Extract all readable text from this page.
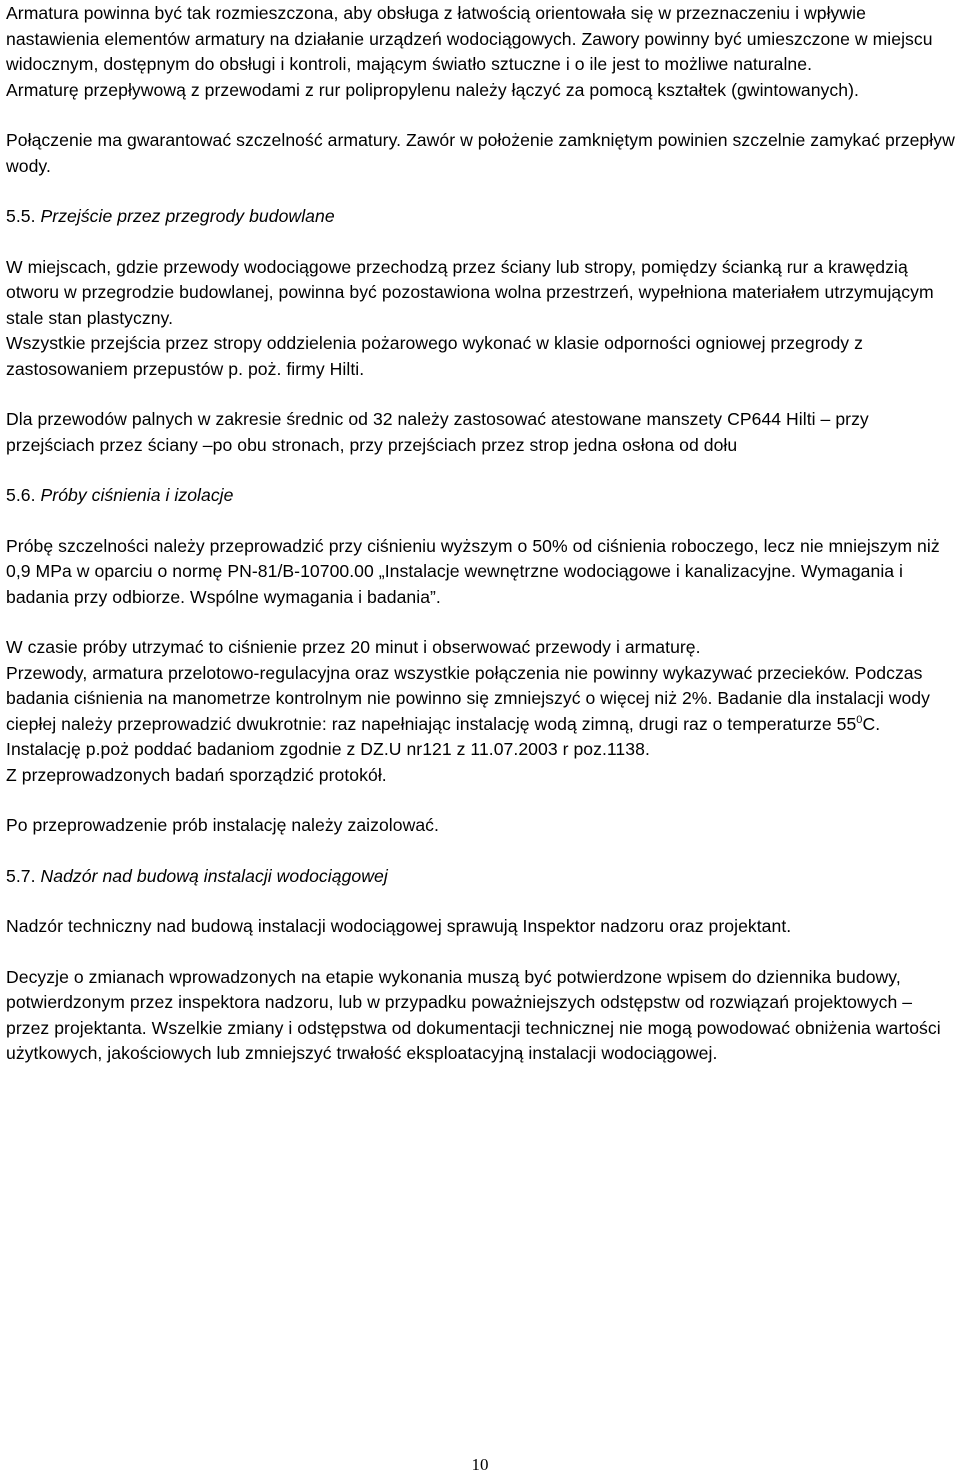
Armatura powinna być tak rozmieszczona, aby obsługa z łatwością orientowała się w przeznaczeniu i wpływie nastawienia elementów armatury na działanie urządzeń wodociągowych. Zawory powinny być umieszczone w miejscu widocznym, dostępnym do obsługi i kontroli, mającym światło sztuczne i o ile jest to możliwe naturalne.

Armaturę przepływową z przewodami z rur polipropylenu należy łączyć za pomocą kształtek (gwintowanych).

Połączenie ma gwarantować szczelność armatury. Zawór w położenie zamkniętym powinien szczelnie zamykać przepływ wody.

5.5. Przejście przez przegrody budowlane

W miejscach, gdzie przewody wodociągowe przechodzą przez ściany lub stropy, pomiędzy ścianką rur a krawędzią otworu w przegrodzie budowlanej, powinna być pozostawiona wolna przestrzeń, wypełniona materiałem utrzymującym stale stan plastyczny.

Wszystkie przejścia przez stropy oddzielenia pożarowego wykonać w klasie odporności ogniowej przegrody z zastosowaniem przepustów p. poż. firmy Hilti.

Dla przewodów palnych w zakresie średnic od 32 należy zastosować atestowane manszety CP644 Hilti – przy przejściach przez ściany –po obu stronach, przy przejściach przez strop jedna osłona od dołu

5.6. Próby ciśnienia i izolacje

Próbę szczelności należy przeprowadzić przy ciśnieniu wyższym o 50% od ciśnienia roboczego, lecz nie mniejszym niż 0,9 MPa w oparciu o normę PN-81/B-10700.00 „Instalacje wewnętrzne wodociągowe i kanalizacyjne. Wymagania i badania przy odbiorze. Wspólne wymagania i badania”.

W czasie próby utrzymać to ciśnienie przez 20 minut i obserwować przewody i armaturę.

Przewody, armatura przelotowo-regulacyjna oraz wszystkie połączenia nie powinny wykazywać przecieków. Podczas badania ciśnienia na manometrze kontrolnym nie powinno się zmniejszyć o więcej niż 2%. Badanie dla instalacji wody ciepłej należy przeprowadzić dwukrotnie: raz napełniając instalację wodą zimną, drugi raz o temperaturze $55^0C$.

Instalację p.poż poddać badaniom zgodnie z DZ.U nr121 z 11.07.2003 r poz.1138.

Z przeprowadzonych badań sporządzić protokół.

Po przeprowadzenie prób instalację należy zaizolować.

5.7. Nadzór nad budową instalacji wodociągowej

Nadzór techniczny nad budową instalacji wodociągowej sprawują Inspektor nadzoru oraz projektant.

Decyzje o zmianach wprowadzonych na etapie wykonania muszą być potwierdzone wpisem do dziennika budowy, potwierdzonym przez inspektora nadzoru, lub w przypadku poważniejszych odstępstw od rozwiązań projektowych – przez projektanta. Wszelkie zmiany i odstępstwa od dokumentacji technicznej nie mogą powodować obniżenia wartości użytkowych, jakościowych lub zmniejszyć trwałość eksploatacyjną instalacji wodociągowej.

10
